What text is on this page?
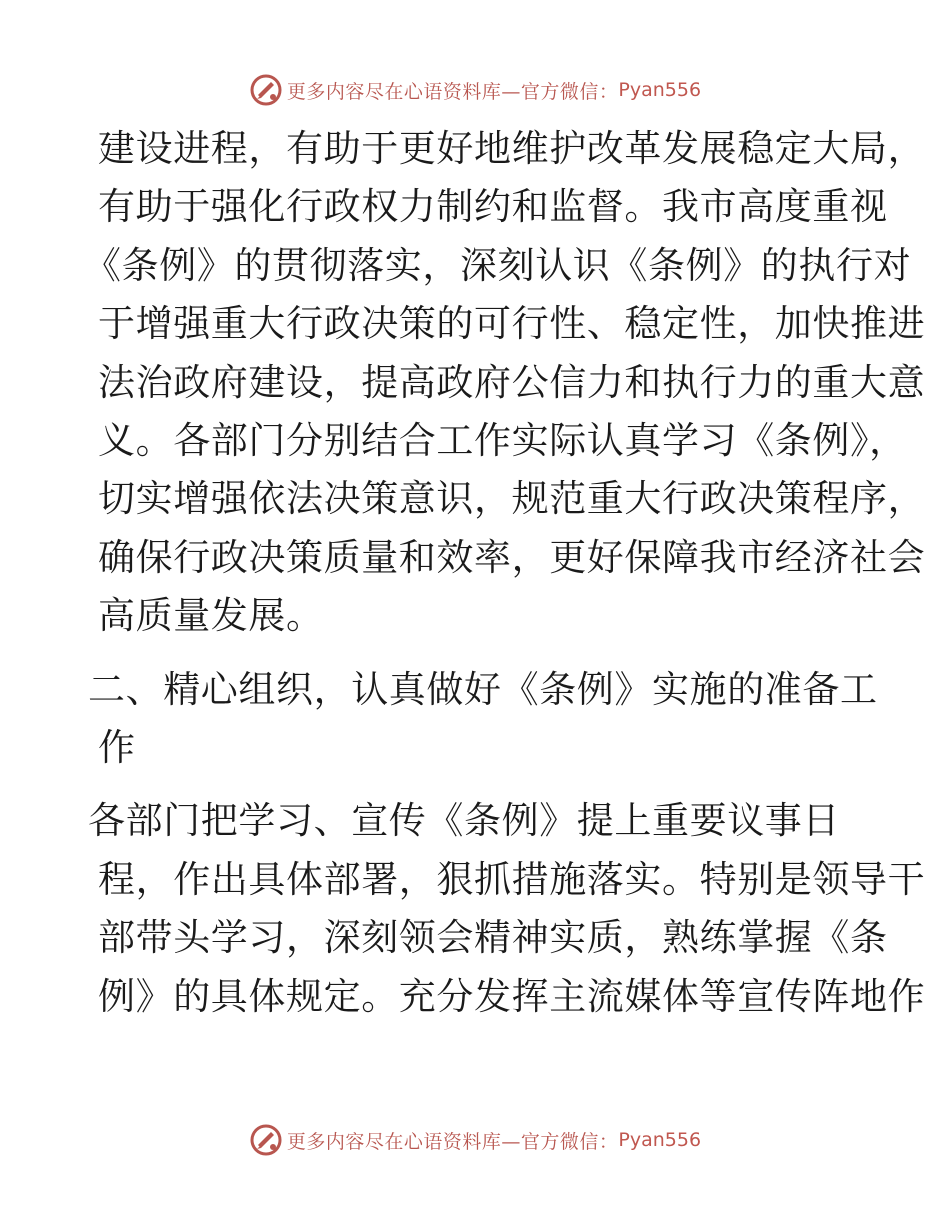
更多内容尽在心语资料库—官方微信： Pyan556

建设进程，有助于更好地维护改革发展稳定大局，
有助于强化行政权力制约和监督。我市高度重视
《条例》的贯彻落实，深刻认识《条例》的执行对
于增强重大行政决策的可行性、稳定性，加快推进
法治政府建设，提高政府公信力和执行力的重大意
义。各部门分别结合工作实际认真学习《条例》，
切实增强依法决策意识，规范重大行政决策程序，
确保行政决策质量和效率，更好保障我市经济社会
高质量发展。

二、精心组织，认真做好《条例》实施的准备工
作

各部门把学习、宣传《条例》提上重要议事日
程，作出具体部署，狠抓措施落实。特别是领导干
部带头学习，深刻领会精神实质，熟练掌握《条
例》的具体规定。充分发挥主流媒体等宣传阵地作

更多内容尽在心语资料库—官方微信： Pyan556
